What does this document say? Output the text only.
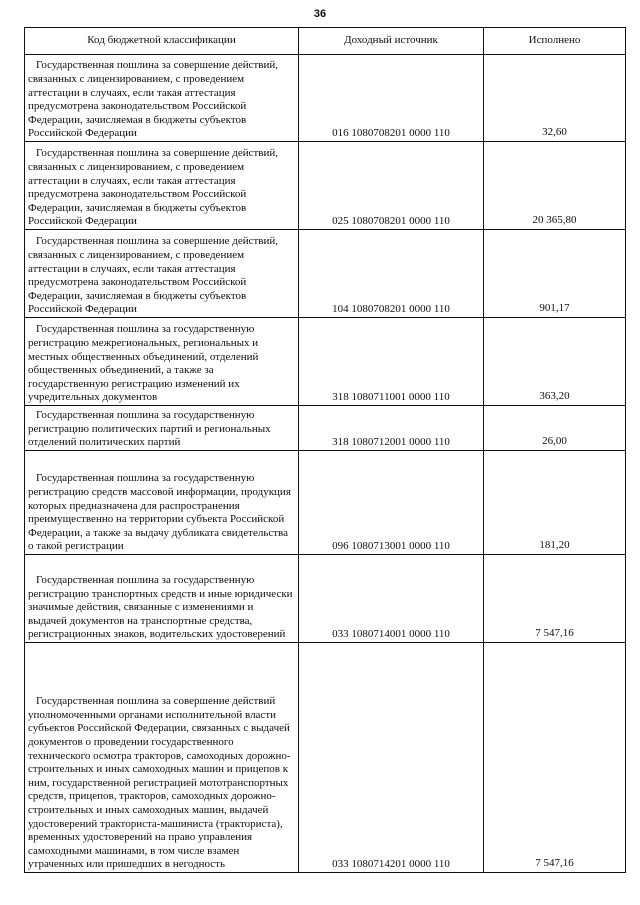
36
Код бюджетной классификации	Доходный источник	Исполнено

Государственная пошлина за совершение действий, связанных с лицензированием, с проведением аттестации в случаях, если такая аттестация предусмотрена законодательством Российской Федерации, зачисляемая в бюджеты субъектов Российской Федерации	016 1080708201 0000 110	32,60

Государственная пошлина за совершение действий, связанных с лицензированием, с проведением аттестации в случаях, если такая аттестация предусмотрена законодательством Российской Федерации, зачисляемая в бюджеты субъектов Российской Федерации	025 1080708201 0000 110	20 365,80

Государственная пошлина за совершение действий, связанных с лицензированием, с проведением аттестации в случаях, если такая аттестация предусмотрена законодательством Российской Федерации, зачисляемая в бюджеты субъектов Российской Федерации	104 1080708201 0000 110	901,17

Государственная пошлина за государственную регистрацию межрегиональных, региональных и местных общественных объединений, отделений общественных объединений, а также за государственную регистрацию изменений их учредительных документов	318 1080711001 0000 110	363,20

Государственная пошлина за государственную регистрацию политических партий и региональных отделений политических партий	318 1080712001 0000 110	26,00

Государственная пошлина за государственную регистрацию средств массовой информации, продукция которых предназначена для распространения преимущественно на территории субъекта Российской Федерации, а также за выдачу дубликата свидетельства о такой регистрации	096 1080713001 0000 110	181,20

Государственная пошлина за государственную регистрацию транспортных средств и иные юридически значимые действия, связанные с изменениями и выдачей документов на транспортные средства, регистрационных знаков, водительских удостоверений	033 1080714001 0000 110	7 547,16

Государственная пошлина за совершение действий уполномоченными органами исполнительной власти субъектов Российской Федерации, связанных с выдачей документов о проведении государственного технического осмотра тракторов, самоходных дорожно-строительных и иных самоходных машин и прицепов к ним, государственной регистрацией мототранспортных средств, прицепов, тракторов, самоходных дорожно-строительных и иных самоходных машин, выдачей удостоверений тракториста-машиниста (тракториста), временных удостоверений на право управления самоходными машинами, в том числе взамен утраченных или пришедших в негодность	033 1080714201 0000 110	7 547,16
